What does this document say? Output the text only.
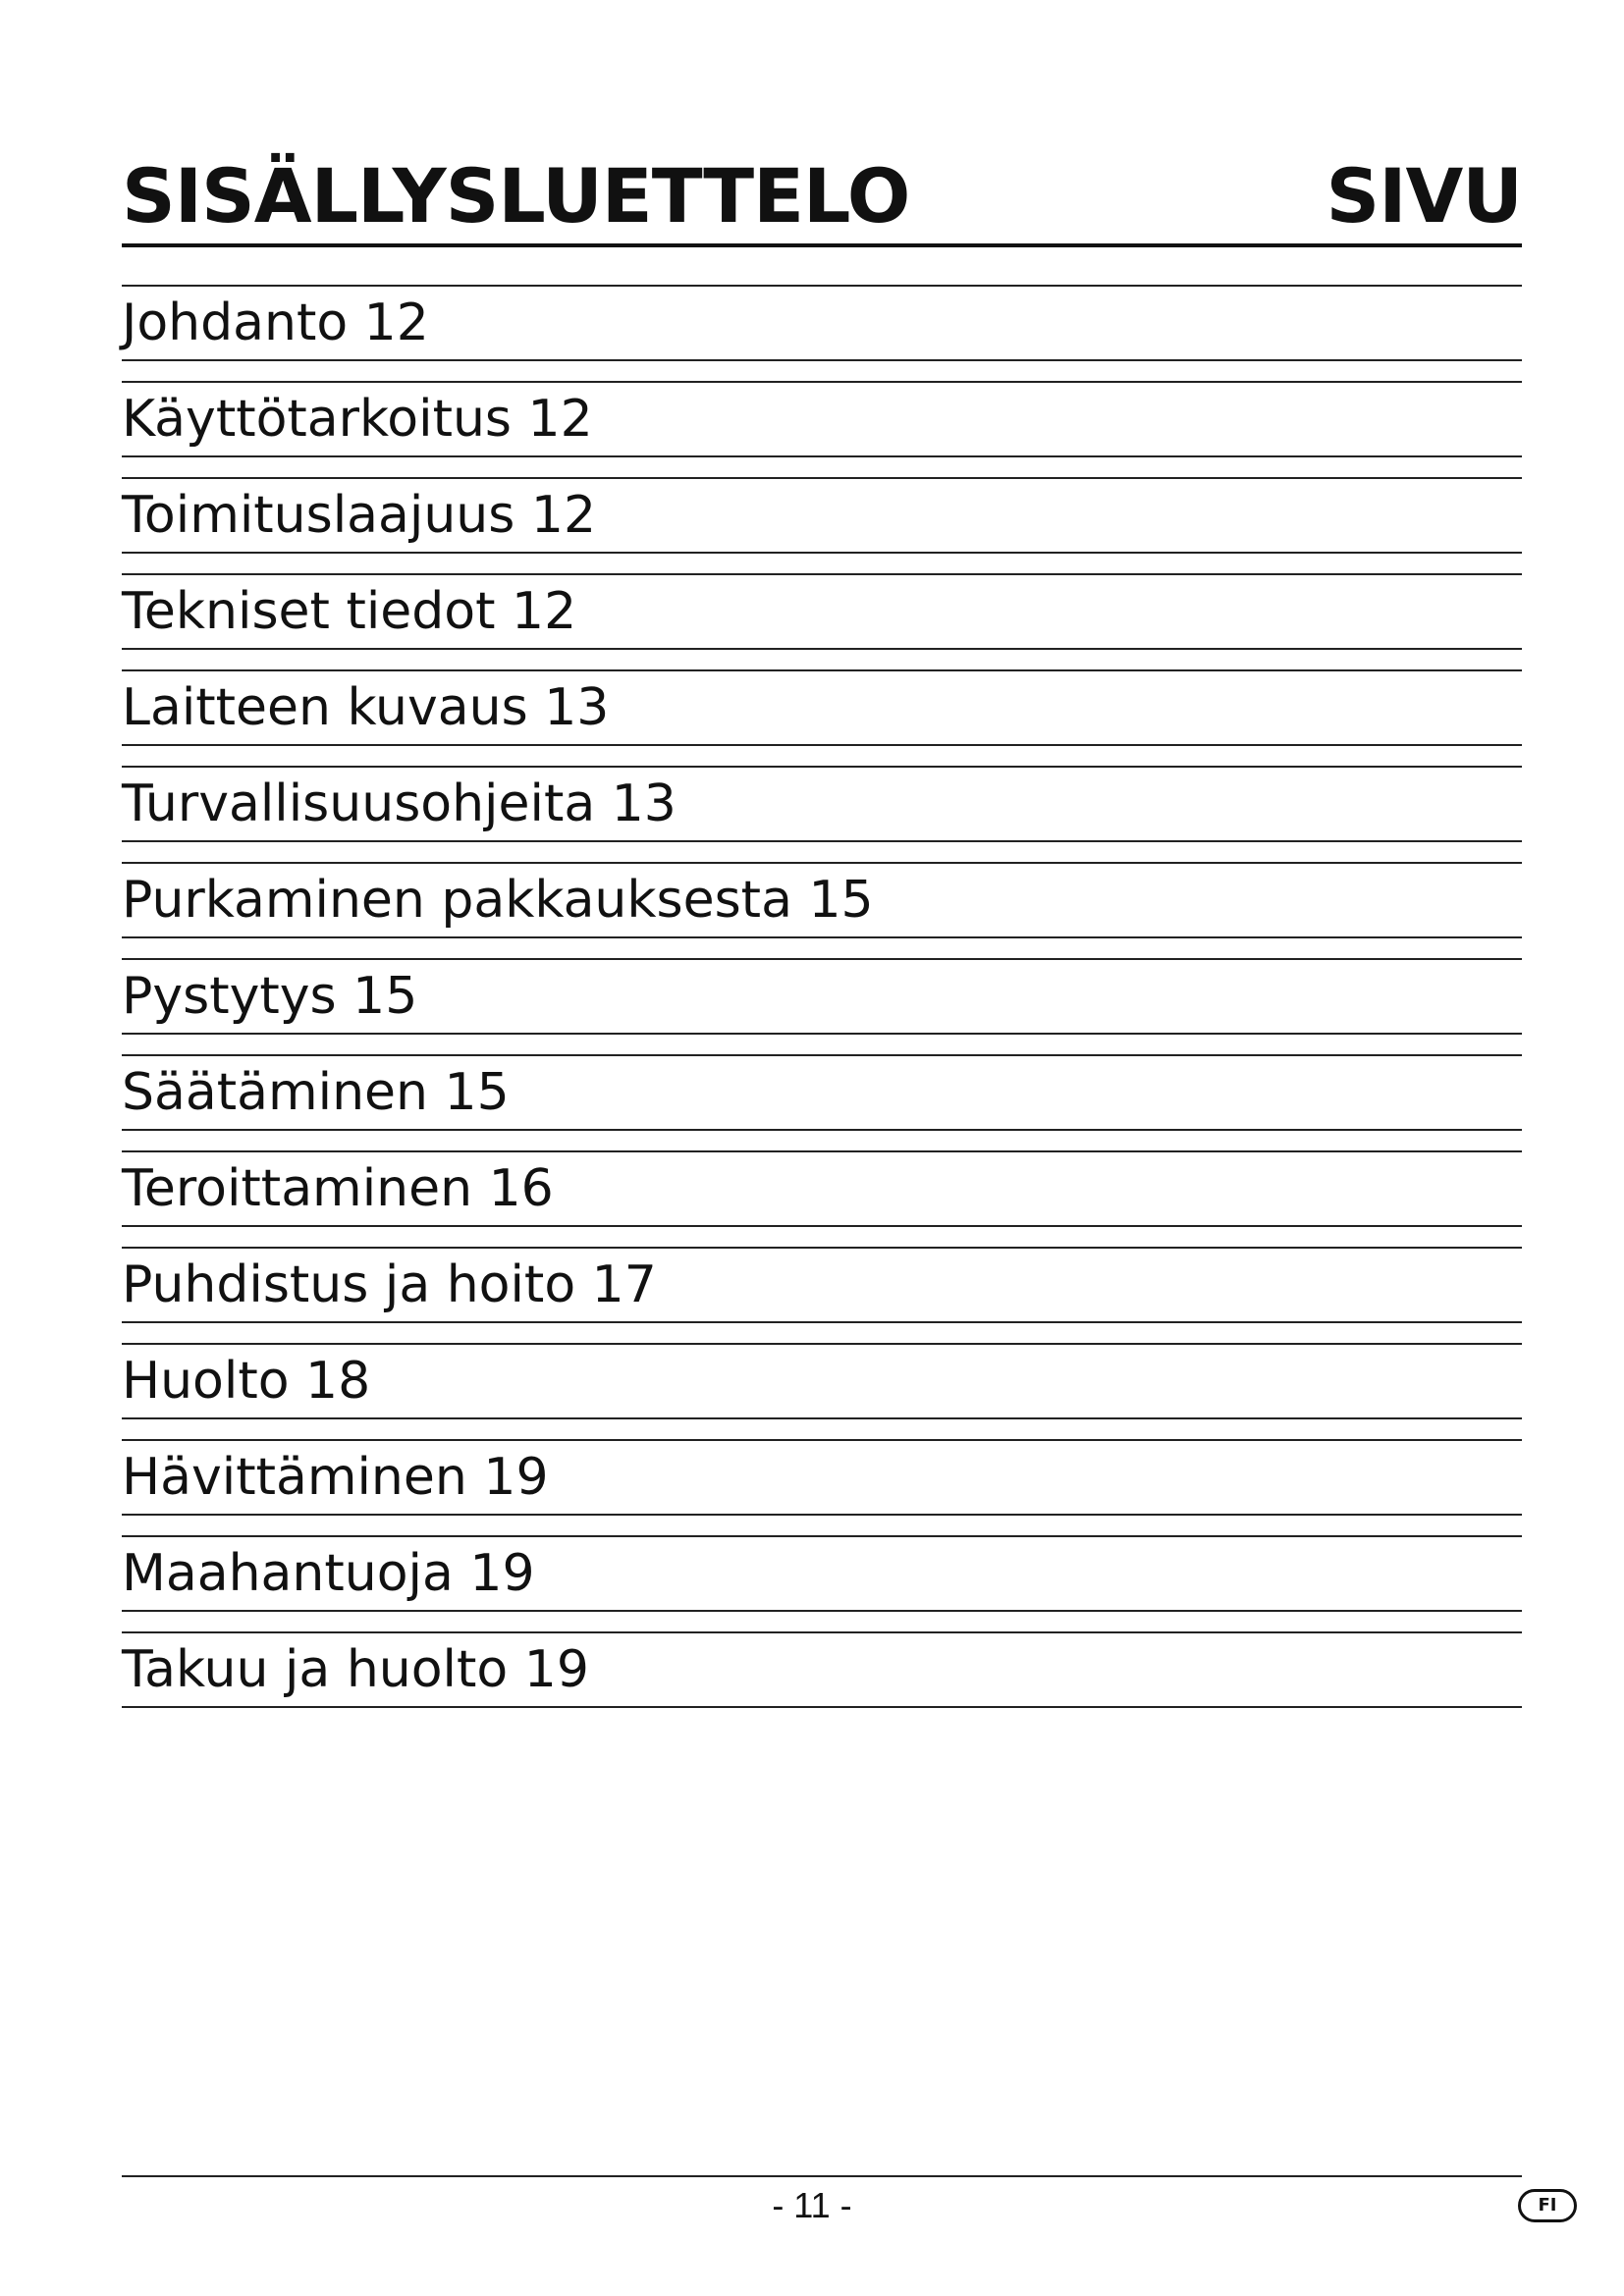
SISÄLLYSLUETTELO	SIVU
Johdanto 12
Käyttötarkoitus 12
Toimituslaajuus 12
Tekniset tiedot 12
Laitteen kuvaus 13
Turvallisuusohjeita 13
Purkaminen pakkauksesta 15
Pystytys 15
Säätäminen 15
Teroittaminen 16
Puhdistus ja hoito 17
Huolto 18
Hävittäminen 19
Maahantuoja 19
Takuu ja huolto 19
- 11 -	FI
